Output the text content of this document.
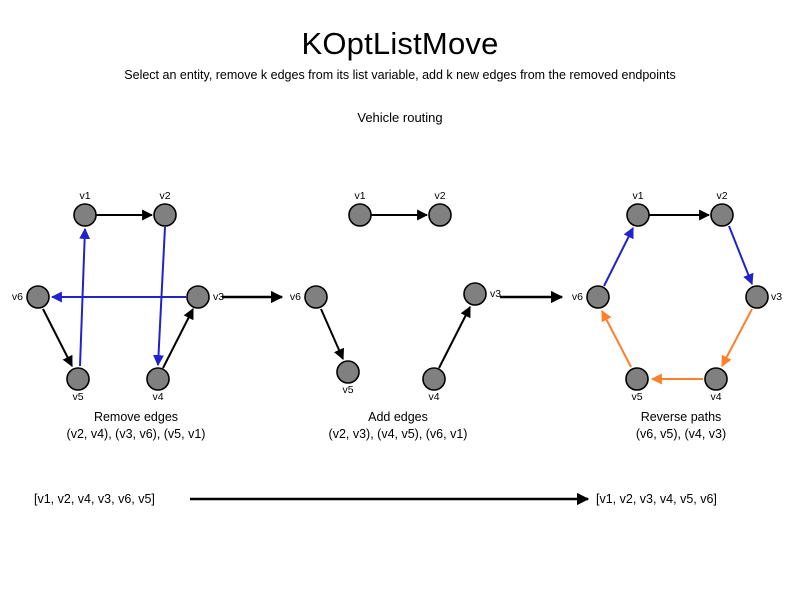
KOptListMove
Select an entity, remove k edges from its list variable, add k new edges from the removed endpoints
Vehicle routing
v1	v2
v3
v4
v5
v6
Remove edges
(v2, v4), (v3, v6), (v5, v1)
v1	v2
v3
v4
v5
v6
Add edges
(v2, v3), (v4, v5), (v6, v1)
v1	v2
v3
v4
v5
v6
Reverse paths
(v6, v5), (v4, v3)
[v1, v2, v4, v3, v6, v5]	[v1, v2, v3, v4, v5, v6]
